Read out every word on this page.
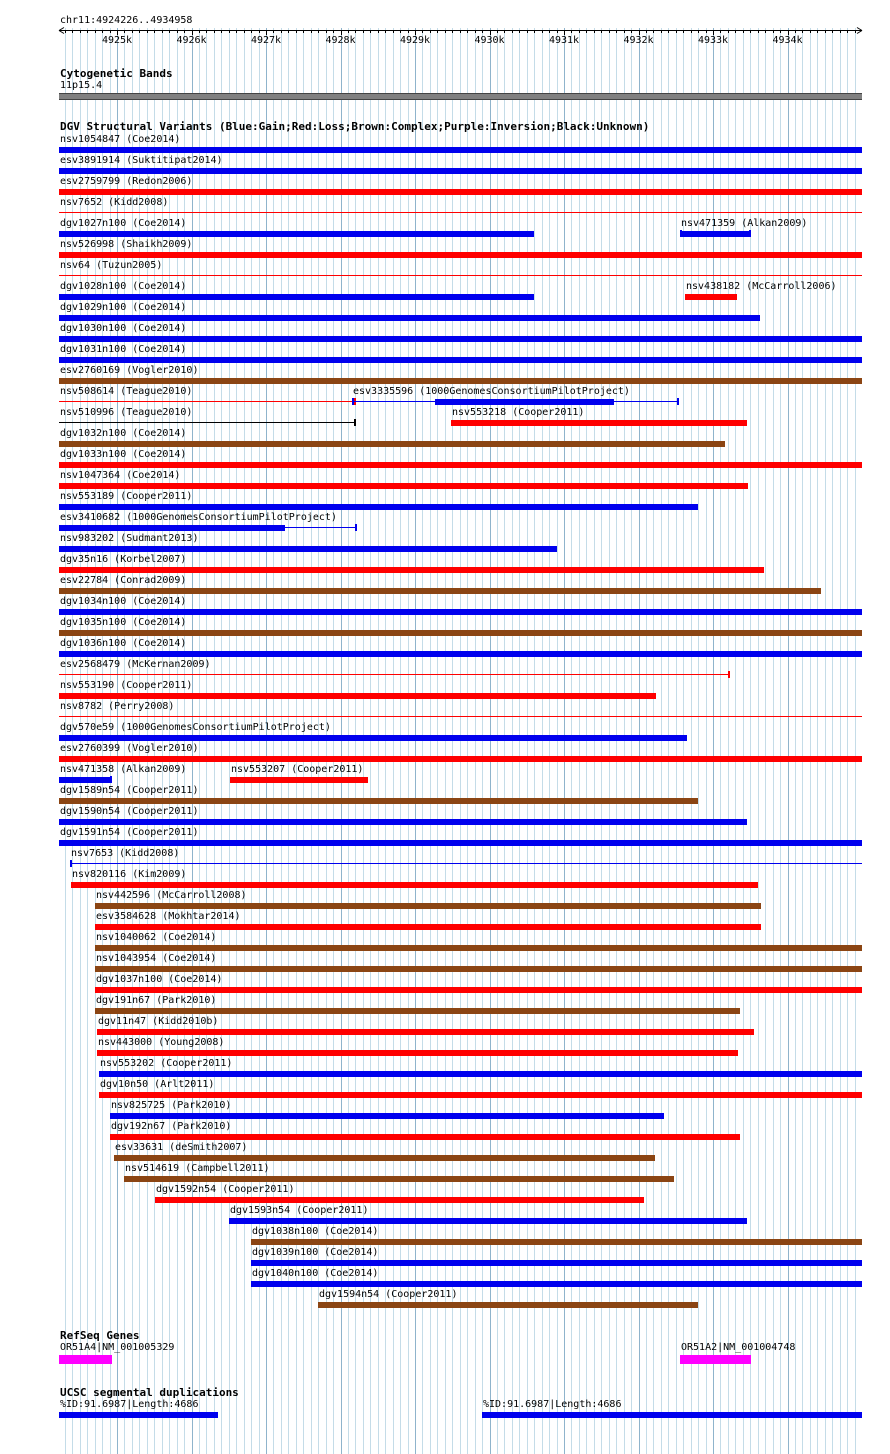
chr11:4924226..4934958
4925k	4926k	4927k	4928k	4929k	4930k	4931k	4932k	4933k	4934k
Cytogenetic Bands
11p15.4
DGV Structural Variants (Blue:Gain;Red:Loss;Brown:Complex;Purple:Inversion;Black:Unknown)
nsv1054847 (Coe2014)
esv3891914 (Suktitipat2014)
esv2759799 (Redon2006)
nsv7652 (Kidd2008)
dgv1027n100 (Coe2014)	nsv471359 (Alkan2009)
nsv526998 (Shaikh2009)
nsv64 (Tuzun2005)
dgv1028n100 (Coe2014)	nsv438182 (McCarroll2006)
dgv1029n100 (Coe2014)
dgv1030n100 (Coe2014)
dgv1031n100 (Coe2014)
esv2760169 (Vogler2010)
nsv508614 (Teague2010)	esv3335596 (1000GenomesConsortiumPilotProject)
nsv510996 (Teague2010)	nsv553218 (Cooper2011)
dgv1032n100 (Coe2014)
dgv1033n100 (Coe2014)
nsv1047364 (Coe2014)
nsv553189 (Cooper2011)
esv3410682 (1000GenomesConsortiumPilotProject)
nsv983202 (Sudmant2013)
dgv35n16 (Korbel2007)
esv22784 (Conrad2009)
dgv1034n100 (Coe2014)
dgv1035n100 (Coe2014)
dgv1036n100 (Coe2014)
esv2568479 (McKernan2009)
nsv553190 (Cooper2011)
nsv8782 (Perry2008)
dgv570e59 (1000GenomesConsortiumPilotProject)
esv2760399 (Vogler2010)
nsv471358 (Alkan2009)	nsv553207 (Cooper2011)
dgv1589n54 (Cooper2011)
dgv1590n54 (Cooper2011)
dgv1591n54 (Cooper2011)
nsv7653 (Kidd2008)
nsv820116 (Kim2009)
nsv442596 (McCarroll2008)
esv3584628 (Mokhtar2014)
nsv1040062 (Coe2014)
nsv1043954 (Coe2014)
dgv1037n100 (Coe2014)
dgv191n67 (Park2010)
dgv11n47 (Kidd2010b)
nsv443000 (Young2008)
nsv553202 (Cooper2011)
dgv10n50 (Arlt2011)
nsv825725 (Park2010)
dgv192n67 (Park2010)
esv33631 (deSmith2007)
nsv514619 (Campbell2011)
dgv1592n54 (Cooper2011)
dgv1593n54 (Cooper2011)
dgv1038n100 (Coe2014)
dgv1039n100 (Coe2014)
dgv1040n100 (Coe2014)
dgv1594n54 (Cooper2011)
RefSeq Genes
OR51A4|NM_001005329	OR51A2|NM_001004748
UCSC segmental duplications
%ID:91.6987|Length:4686	%ID:91.6987|Length:4686
